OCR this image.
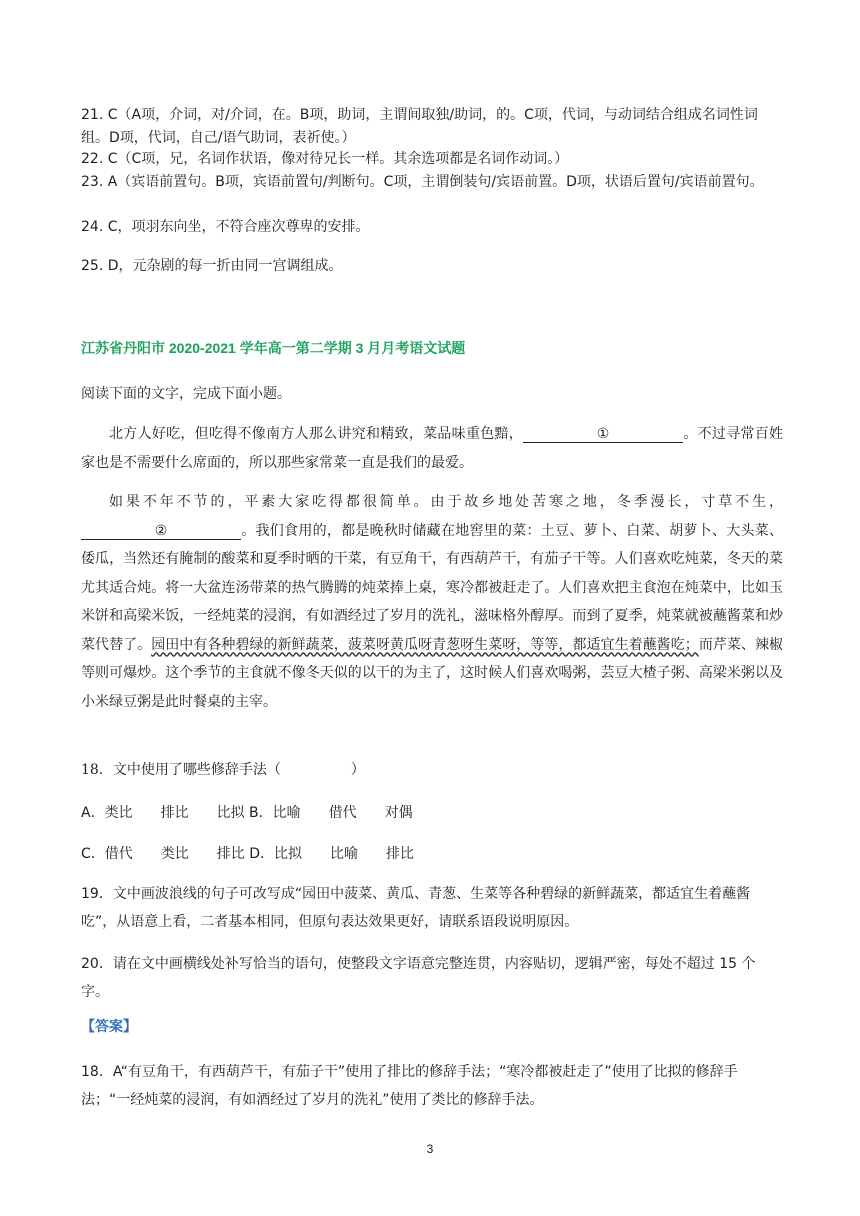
21. C（A项，介词，对/介词，在。B项，助词，主谓间取独/助词，的。C项，代词，与动词结合组成名词性词组。D项，代词，自己/语气助词，表祈使。）
22. C（C项，兄，名词作状语，像对待兄长一样。其余选项都是名词作动词。）
23. A（宾语前置句。B项，宾语前置句/判断句。C项，主谓倒装句/宾语前置。D项，状语后置句/宾语前置句。
24. C，项羽东向坐，不符合座次尊卑的安排。
25. D，元杂剧的每一折由同一宫调组成。
江苏省丹阳市 2020-2021 学年高一第二学期 3 月月考语文试题
阅读下面的文字，完成下面小题。

北方人好吃，但吃得不像南方人那么讲究和精致，菜品味重色黯，	①	。不过寻常百姓家也是不需要什么席面的，所以那些家常菜一直是我们的最爱。

如果不年不节的，平素大家吃得都很简单。由于故乡地处苦寒之地，冬季漫长，寸草不生，②	。我们食用的，都是晚秋时储藏在地窖里的菜：土豆、萝卜、白菜、胡萝卜、大头菜、倭瓜，当然还有腌制的酸菜和夏季时晒的干菜，有豆角干，有西葫芦干，有茄子干等。人们喜欢吃炖菜，冬天的菜尤其适合炖。将一大盆连汤带菜的热气腾腾的炖菜捧上桌，寒冷都被赶走了。人们喜欢把主食泡在炖菜中，比如玉米饼和高梁米饭，一经炖菜的浸润，有如酒经过了岁月的洗礼，滋味格外醇厚。而到了夏季，炖菜就被蘸酱菜和炒菜代替了。园田中有各种碧绿的新鲜蔬菜，菠菜呀黄瓜呀青葱呀生菜呀，等等，都适宜生着蘸酱吃；而芹菜、辣椒等则可爆炒。这个季节的主食就不像冬天似的以干的为主了，这时候人们喜欢喝粥，芸豆大楂子粥、高梁米粥以及小米绿豆粥是此时餐桌的主宰。

18．文中使用了哪些修辞手法（　　　　　）
A．类比　　排比　　比拟 B．比喻　　借代　　对偶
C．借代　　类比　　排比 D．比拟　　比喻　　排比
19．文中画波浪线的句子可改写成“园田中菠菜、黄瓜、青葱、生菜等各种碧绿的新鲜蔬菜，都适宜生着蘸酱吃”，从语意上看，二者基本相同，但原句表达效果更好，请联系语段说明原因。
20．请在文中画横线处补写恰当的语句，使整段文字语意完整连贯，内容贴切，逻辑严密，每处不超过 15 个字。
【答案】
18．A“有豆角干，有西葫芦干，有茄子干”使用了排比的修辞手法；“寒冷都被赶走了”使用了比拟的修辞手法；“一经炖菜的浸润，有如酒经过了岁月的洗礼”使用了类比的修辞手法。
3
